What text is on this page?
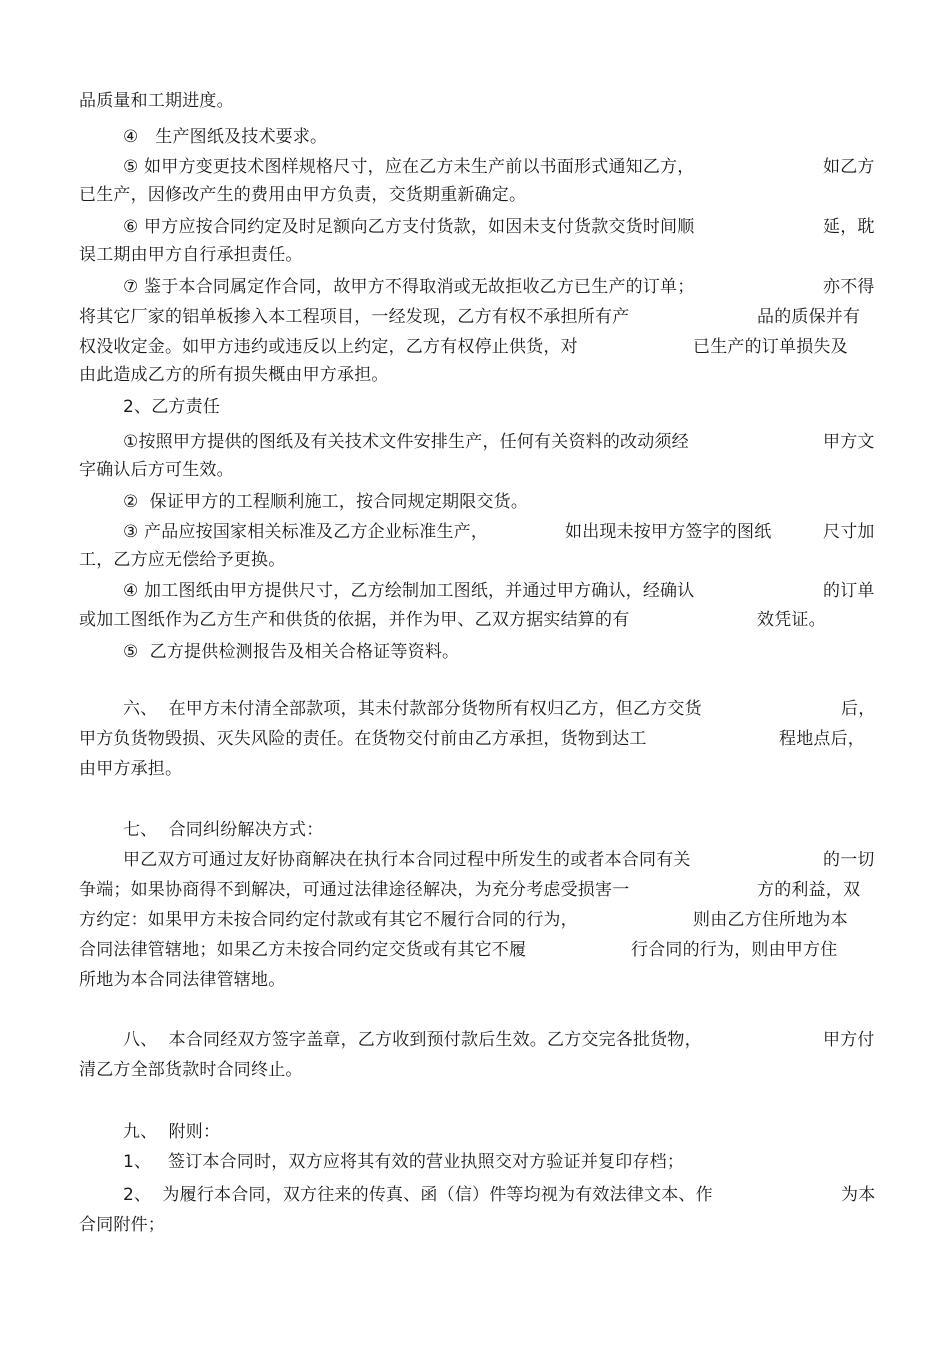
品质量和工期进度。
④   生产图纸及技术要求。
⑤ 如甲方变更技术图样规格尺寸，应在乙方未生产前以书面形式通知乙方，	如乙方
已生产，因修改产生的费用由甲方负责，交货期重新确定。
⑥ 甲方应按合同约定及时足额向乙方支付货款，如因未支付货款交货时间顺	延，耽
误工期由甲方自行承担责任。
⑦ 鉴于本合同属定作合同，故甲方不得取消或无故拒收乙方已生产的订单；	亦不得
将其它厂家的铝单板掺入本工程项目，一经发现，乙方有权不承担所有产	品的质保并有
权没收定金。如甲方违约或违反以上约定，乙方有权停止供货，对	已生产的订单损失及
由此造成乙方的所有损失概由甲方承担。
2、乙方责任
①按照甲方提供的图纸及有关技术文件安排生产，任何有关资料的改动须经	甲方文
字确认后方可生效。
②  保证甲方的工程顺利施工，按合同规定期限交货。
③ 产品应按国家相关标准及乙方企业标准生产，	如出现未按甲方签字的图纸	尺寸加
工，乙方应无偿给予更换。
④ 加工图纸由甲方提供尺寸，乙方绘制加工图纸，并通过甲方确认，经确认	的订单
或加工图纸作为乙方生产和供货的依据，并作为甲、乙双方据实结算的有	效凭证。
⑤  乙方提供检测报告及相关合格证等资料。
六、  在甲方未付清全部款项，其未付款部分货物所有权归乙方，但乙方交货	后，
甲方负货物毁损、灭失风险的责任。在货物交付前由乙方承担，货物到达工	程地点后，
由甲方承担。
七、  合同纠纷解决方式：
甲乙双方可通过友好协商解决在执行本合同过程中所发生的或者本合同有关	的一切
争端；如果协商得不到解决，可通过法律途径解决，为充分考虑受损害一	方的利益，双
方约定：如果甲方未按合同约定付款或有其它不履行合同的行为，	则由乙方住所地为本
合同法律管辖地；如果乙方未按合同约定交货或有其它不履	行合同的行为，则由甲方住
所地为本合同法律管辖地。
八、  本合同经双方签字盖章，乙方收到预付款后生效。乙方交完各批货物，	甲方付
清乙方全部货款时合同终止。
九、  附则：
1、   签订本合同时，双方应将其有效的营业执照交对方验证并复印存档；
2、  为履行本合同，双方往来的传真、函（信）件等均视为有效法律文本、作	为本
合同附件；
